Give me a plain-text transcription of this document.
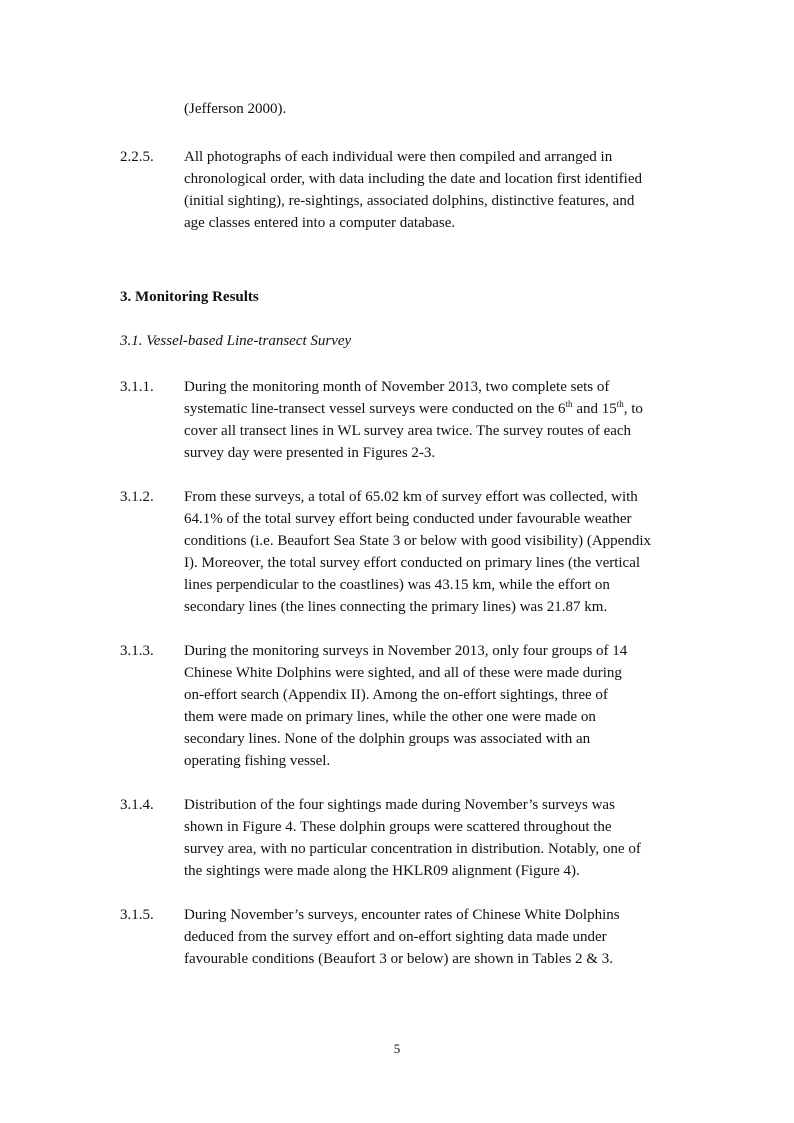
(Jefferson 2000).
2.2.5.	All photographs of each individual were then compiled and arranged in
chronological order, with data including the date and location first identified
(initial sighting), re-sightings, associated dolphins, distinctive features, and
age classes entered into a computer database.
3. Monitoring Results
3.1. Vessel-based Line-transect Survey
3.1.1.	During the monitoring month of November 2013, two complete sets of
systematic line-transect vessel surveys were conducted on the 6th and 15th, to
cover all transect lines in WL survey area twice. The survey routes of each
survey day were presented in Figures 2-3.
3.1.2.	From these surveys, a total of 65.02 km of survey effort was collected, with
64.1% of the total survey effort being conducted under favourable weather
conditions (i.e. Beaufort Sea State 3 or below with good visibility) (Appendix
I). Moreover, the total survey effort conducted on primary lines (the vertical
lines perpendicular to the coastlines) was 43.15 km, while the effort on
secondary lines (the lines connecting the primary lines) was 21.87 km.
3.1.3.	During the monitoring surveys in November 2013, only four groups of 14
Chinese White Dolphins were sighted, and all of these were made during
on-effort search (Appendix II). Among the on-effort sightings, three of
them were made on primary lines, while the other one were made on
secondary lines. None of the dolphin groups was associated with an
operating fishing vessel.
3.1.4.	Distribution of the four sightings made during November’s surveys was
shown in Figure 4. These dolphin groups were scattered throughout the
survey area, with no particular concentration in distribution. Notably, one of
the sightings were made along the HKLR09 alignment (Figure 4).
3.1.5.	During November’s surveys, encounter rates of Chinese White Dolphins
deduced from the survey effort and on-effort sighting data made under
favourable conditions (Beaufort 3 or below) are shown in Tables 2 & 3.
5
